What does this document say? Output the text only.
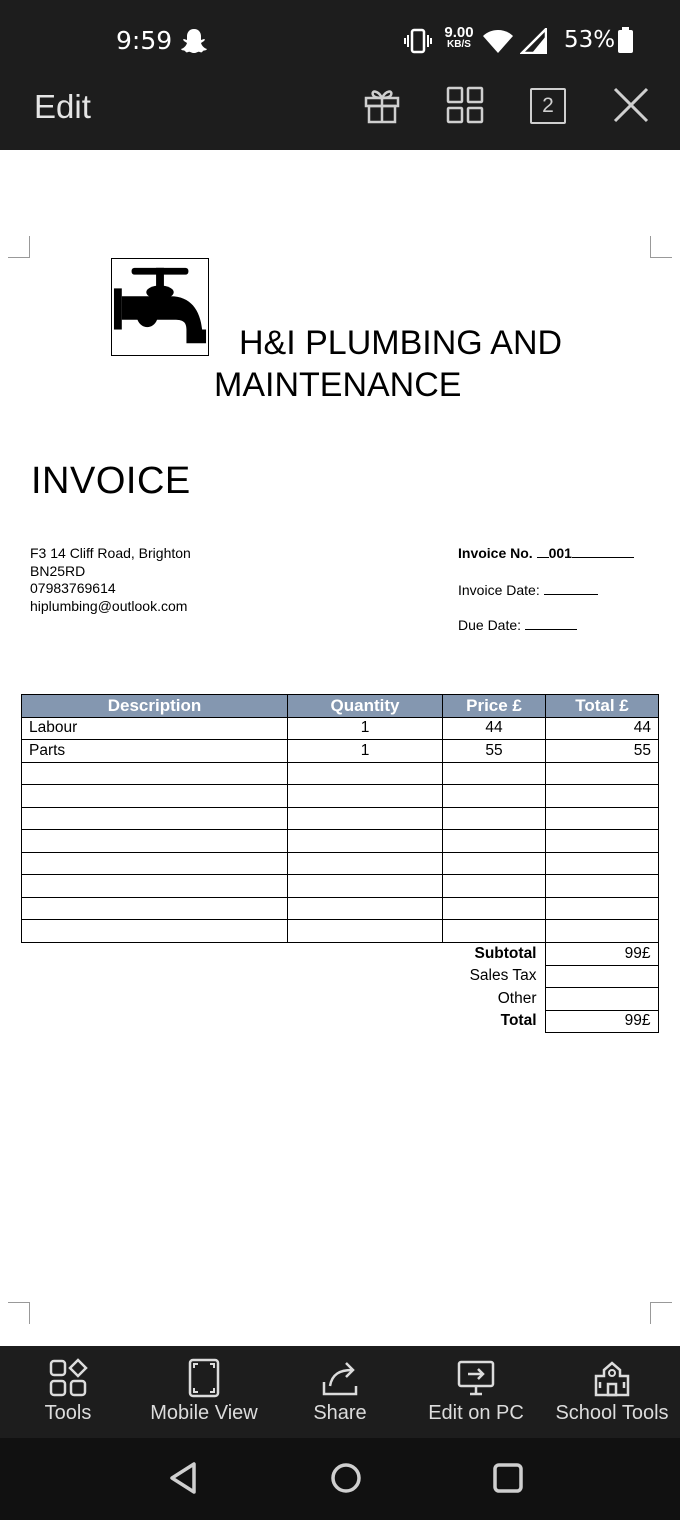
9:59	9.00
KB/S	53%
Edit	2
H&I PLUMBING AND MAINTENANCE
INVOICE
F3 14 Cliff Road, Brighton
BN25RD
07983769614
hiplumbing@outlook.com
Invoice No. 001
Invoice Date:
Due Date:
Description	Quantity	Price £	Total £
Labour	1	44	44
Parts	1	55	55

Subtotal	99£
Sales Tax	
Other	
Total	99£
Tools	Mobile View	Share	Edit on PC	School Tools
